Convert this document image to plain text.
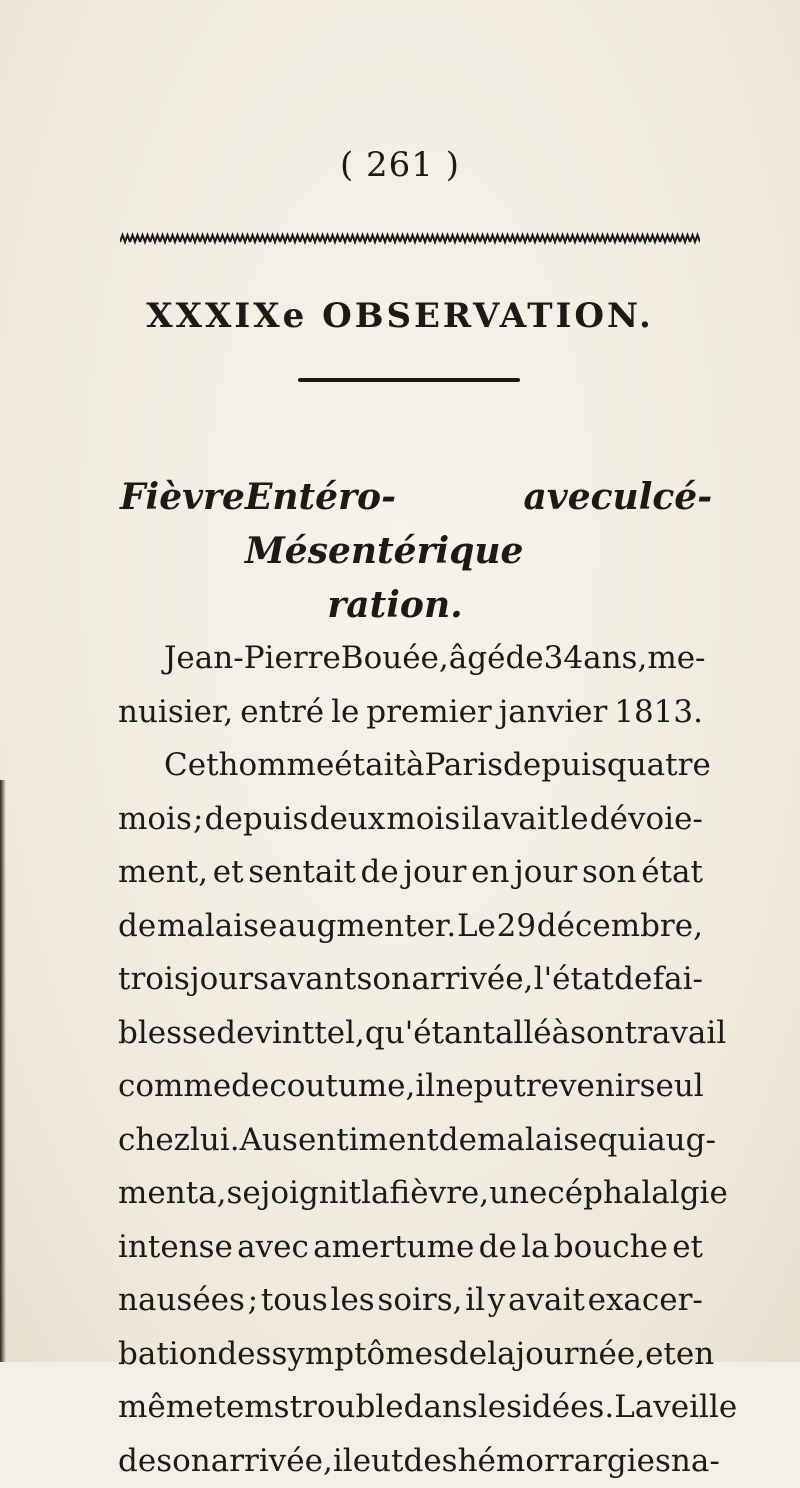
( 261 )
XXXIXe OBSERVATION.
Fièvre Entéro-Mésentérique
avec ulcé-
ration.
Jean-Pierre Bouée, âgé de 34 ans, me-
nuisier, entré le premier janvier 1813.
Cet homme était à Paris depuis quatre
mois ; depuis deux mois il avait le dévoie-
ment, et sentait de jour en jour son état
de malaise augmenter. Le 29 décembre,
trois jours avant son arrivée, l'état de fai-
blesse devint tel, qu'étant allé à son travail
comme de coutume, il ne put revenir seul
chez lui. Au sentiment de malaise qui aug-
menta, se joignit la fièvre, une céphalalgie
intense avec amertume de la bouche et
nausées ; tous les soirs, il y avait exacer-
bation des symptômes de la journée, et en
même tems trouble dans les idées. La veille
de son arrivée, il eut des hémorrargies na-
